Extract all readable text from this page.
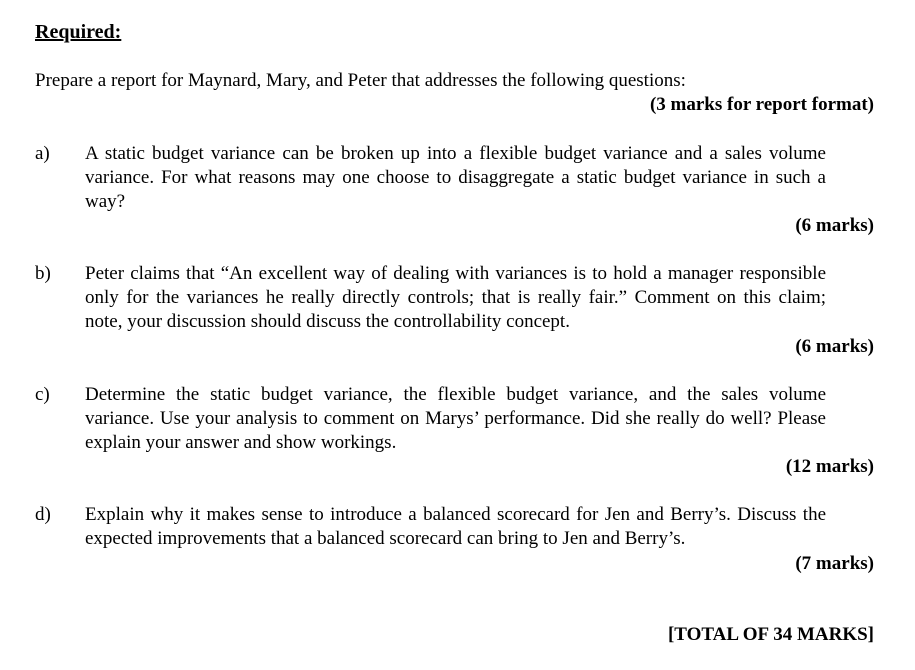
Required:
Prepare a report for Maynard, Mary, and Peter that addresses the following questions:
(3 marks for report format)
a) A static budget variance can be broken up into a flexible budget variance and a sales volume variance. For what reasons may one choose to disaggregate a static budget variance in such a way?
(6 marks)
b) Peter claims that “An excellent way of dealing with variances is to hold a manager responsible only for the variances he really directly controls; that is really fair.” Comment on this claim; note, your discussion should discuss the controllability concept.
(6 marks)
c) Determine the static budget variance, the flexible budget variance, and the sales volume variance. Use your analysis to comment on Marys’ performance. Did she really do well? Please explain your answer and show workings.
(12 marks)
d) Explain why it makes sense to introduce a balanced scorecard for Jen and Berry’s. Discuss the expected improvements that a balanced scorecard can bring to Jen and Berry’s.
(7 marks)
[TOTAL OF 34 MARKS]
